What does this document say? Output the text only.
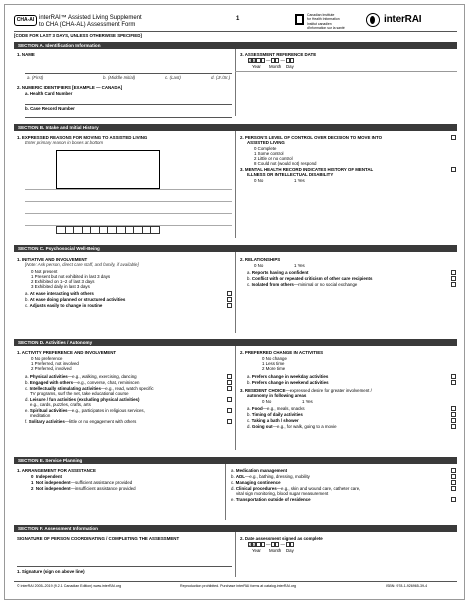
CHA-AI interRAI™ Assisted Living Supplement
to CHA (CHA-AL) Assessment Form
1
Canadian Institute
for Health Information
Institut canadien
d'information sur la santé
interRAI
[CODE FOR LAST 3 DAYS, UNLESS OTHERWISE SPECIFIED]
SECTION A. Identification Information
1. NAME
a. (First)	b. (Middle Initial)	c. (Last)	d. (Jr./Sr.)
2. NUMERIC IDENTIFIERS [EXAMPLE — CANADA]
a. Health Card Number
b. Case Record Number
3. ASSESSMENT REFERENCE DATE
2 0 — —
Year Month Day
SECTION B. Intake and Initial History
1. EXPRESSED REASONS FOR MOVING TO ASSISTED LIVING
Enter primary reason in boxes at bottom
2. PERSON'S LEVEL OF CONTROL OVER DECISION TO MOVE INTO
ASSISTED LIVING
0 Complete
1 Some control
2 Little or no control
8 Could not (would not) respond
3. MENTAL HEALTH RECORD INDICATES HISTORY OF MENTAL
ILLNESS OR INTELLECTUAL DISABILITY
0 No	1 Yes
SECTION C. Psychosocial Well-Being
1. INITIATIVE AND INVOLVEMENT
[Note: Ask person, direct care staff, and family, if available]
0 Not present
1 Present but not exhibited in last 3 days
2 Exhibited on 1–2 of last 3 days
3 Exhibited daily in last 3 days
a. At ease interacting with others
b. At ease doing planned or structured activities
c. Adjusts easily to change in routine
2. RELATIONSHIPS
0 No	1 Yes
a. Reports having a confident
b. Conflict with or repeated criticism of other care recipients
c. Isolated from others—minimal or no social exchange
SECTION D. Activities / Autonomy
1. ACTIVITY PREFERENCE AND INVOLVEMENT
0 No preference
1 Preferred, not involved
2 Preferred, involved
a. Physical activities—e.g., walking, exercising, dancing
b. Engaged with others—e.g., converse, chat, reminiscen
c. Intellectually stimulating activities—e.g., read, watch specific
TV programs, surf the net, take educational course
d. Leisure / fun activities (excluding physical activities)
e.g., cards, puzzles, crafts, arts
e. Spiritual activities—e.g., participates in religious services,
meditation
f. Solitary activities—little or no engagement with others
2. PREFERRED CHANGE IN ACTIVITIES
0 No change
1 Less time
2 More time
a. Prefers change in weekday activities
b. Prefers change in weekend activities
3. RESIDENT CHOICE—expressed desire for greater involvement /
autonomy in following areas
0 No	1 Yes
a. Food—e.g., meals, snacks
b. Timing of daily activities
c. Taking a bath / shower
d. Going out—e.g., for walk, going to a movie
SECTION E. Service Planning
1. ARRANGEMENT FOR ASSISTANCE
0 Independent
1 Not independent—sufficient assistance provided
2 Not independent—insufficient assistance provided
a. Medication management
b. ADL—e.g., bathing, dressing, mobility
c. Managing continence
d. Clinical procedures—e.g., skin and wound care, catheter care,
vital sign monitoring, blood sugar measurement
e. Transportation outside of residence
SECTION F. Assessment Information
SIGNATURE OF PERSON COORDINATING / COMPLETING THE ASSESSMENT
1. Signature (sign on above line)
2. Date assessment signed as complete
2 0 — —
Year Month Day
© interRAI 2005–2019 (9.2.1 Canadian Edition) www.interRAI.org	Reproduction prohibited. Purchase interRAI forms at catalog.interRAI.org	ISBN: 978-1-926965-39-4
